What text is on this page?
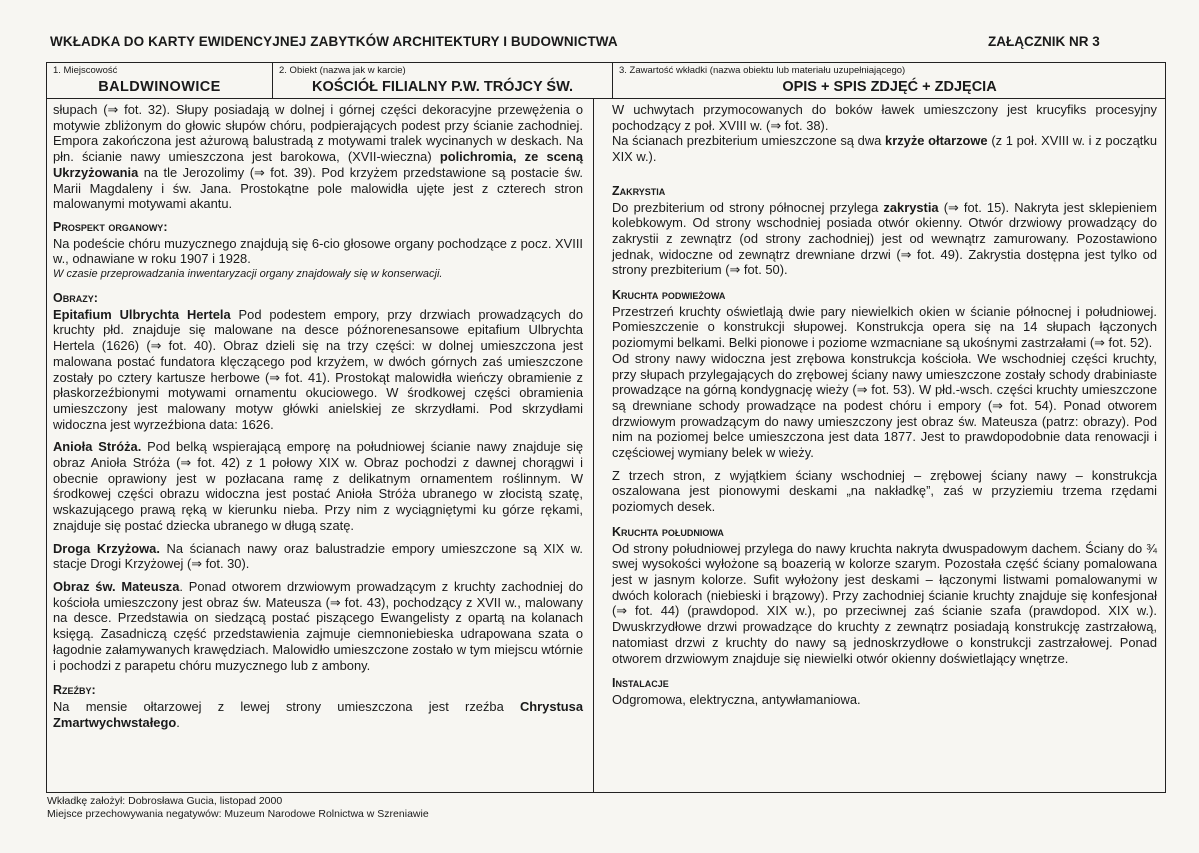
WKŁADKA DO KARTY EWIDENCYJNEJ ZABYTKÓW ARCHITEKTURY I BUDOWNICTWA	ZAŁĄCZNIK NR 3
1. Miejscowość
BALDWINOWICE
2. Obiekt (nazwa jak w karcie)
KOŚCIÓŁ FILIALNY P.W. TRÓJCY ŚW.
3. Zawartość wkładki (nazwa obiektu lub materiału uzupełniającego)
OPIS + SPIS ZDJĘĆ + ZDJĘCIA

słupach (⇒ fot. 32). Słupy posiadają w dolnej i górnej części dekoracyjne przewężenia o motywie zbliżonym do głowic słupów chóru, podpierających podest przy ścianie zachodniej. Empora zakończona jest ażurową balustradą z motywami tralek wycinanych w deskach. Na płn. ścianie nawy umieszczona jest barokowa, (XVII-wieczna) polichromia, ze sceną Ukrzyżowania na tle Jerozolimy (⇒ fot. 39). Pod krzyżem przedstawione są postacie św. Marii Magdaleny i św. Jana. Prostokątne pole malowidła ujęte jest z czterech stron malowanymi motywami akantu.

Prospekt organowy:

Na podeście chóru muzycznego znajdują się 6-cio głosowe organy pochodzące z pocz. XVIII w., odnawiane w roku 1907 i 1928.

W czasie przeprowadzania inwentaryzacji organy znajdowały się w konserwacji.

Obrazy:

Epitafium Ulbrychta Hertela Pod podestem empory, przy drzwiach prowadzących do kruchty płd. znajduje się malowane na desce późnorenesansowe epitafium Ulbrychta Hertela (1626) (⇒ fot. 40). Obraz dzieli się na trzy części: w dolnej umieszczona jest malowana postać fundatora klęczącego pod krzyżem, w dwóch górnych zaś umieszczone zostały po cztery kartusze herbowe (⇒ fot. 41). Prostokąt malowidła wieńczy obramienie z płaskorzeźbionymi motywami ornamentu okuciowego. W środkowej części obramienia umieszczony jest malowany motyw główki anielskiej ze skrzydłami. Pod skrzydłami widoczna jest wyrzeźbiona data: 1626.

Anioła Stróża. Pod belką wspierającą emporę na południowej ścianie nawy znajduje się obraz Anioła Stróża (⇒ fot. 42) z 1 połowy XIX w. Obraz pochodzi z dawnej chorągwi i obecnie oprawiony jest w pozłacana ramę z delikatnym ornamentem roślinnym. W środkowej części obrazu widoczna jest postać Anioła Stróża ubranego w złocistą szatę, wskazującego prawą ręką w kierunku nieba. Przy nim z wyciągniętymi ku górze rękami, znajduje się postać dziecka ubranego w długą szatę.

Droga Krzyżowa. Na ścianach nawy oraz balustradzie empory umieszczone są XIX w. stacje Drogi Krzyżowej (⇒ fot. 30).

Obraz św. Mateusza. Ponad otworem drzwiowym prowadzącym z kruchty zachodniej do kościoła umieszczony jest obraz św. Mateusza (⇒ fot. 43), pochodzący z XVII w., malowany na desce. Przedstawia on siedzącą postać piszącego Ewangelisty z opartą na kolanach księgą. Zasadniczą część przedstawienia zajmuje ciemnoniebieska udrapowana szata o łagodnie załamywanych krawędziach. Malowidło umieszczone zostało w tym miejscu wtórnie i pochodzi z parapetu chóru muzycznego lub z ambony.

Rzeźby:

Na mensie ołtarzowej z lewej strony umieszczona jest rzeźba Chrystusa Zmartwychwstałego.

W uchwytach przymocowanych do boków ławek umieszczony jest krucyfiks procesyjny pochodzący z poł. XVIII w. (⇒ fot. 38).

Na ścianach prezbiterium umieszczone są dwa krzyże ołtarzowe (z 1 poł. XVIII w. i z początku XIX w.).

Zakrystia

Do prezbiterium od strony północnej przylega zakrystia (⇒ fot. 15). Nakryta jest sklepieniem kolebkowym. Od strony wschodniej posiada otwór okienny. Otwór drzwiowy prowadzący do zakrystii z zewnątrz (od strony zachodniej) jest od wewnątrz zamurowany. Pozostawiono jednak, widoczne od zewnątrz drewniane drzwi (⇒ fot. 49). Zakrystia dostępna jest tylko od strony prezbiterium (⇒ fot. 50).

Kruchta podwieżowa

Przestrzeń kruchty oświetlają dwie pary niewielkich okien w ścianie północnej i południowej. Pomieszczenie o konstrukcji słupowej. Konstrukcja opera się na 14 słupach łączonych poziomymi belkami. Belki pionowe i poziome wzmacniane są ukośnymi zastrzałami (⇒ fot. 52).

Od strony nawy widoczna jest zrębowa konstrukcja kościoła. We wschodniej części kruchty, przy słupach przylegających do zrębowej ściany nawy umieszczone zostały schody drabiniaste prowadzące na górną kondygnację wieży (⇒ fot. 53). W płd.-wsch. części kruchty umieszczone są drewniane schody prowadzące na podest chóru i empory (⇒ fot. 54). Ponad otworem drzwiowym prowadzącym do nawy umieszczony jest obraz św. Mateusza (patrz: obrazy). Pod nim na poziomej belce umieszczona jest data 1877. Jest to prawdopodobnie data renowacji i częściowej wymiany belek w wieży.

Z trzech stron, z wyjątkiem ściany wschodniej – zrębowej ściany nawy – konstrukcja oszalowana jest pionowymi deskami „na nakładkę”, zaś w przyziemiu trzema rzędami poziomych desek.

Kruchta południowa

Od strony południowej przylega do nawy kruchta nakryta dwuspadowym dachem. Ściany do ¾ swej wysokości wyłożone są boazerią w kolorze szarym. Pozostała część ściany pomalowana jest w jasnym kolorze. Sufit wyłożony jest deskami – łączonymi listwami pomalowanymi w dwóch kolorach (niebieski i brązowy). Przy zachodniej ścianie kruchty znajduje się konfesjonał (⇒ fot. 44) (prawdopod. XIX w.), po przeciwnej zaś ścianie szafa (prawdopod. XIX w.). Dwuskrzydłowe drzwi prowadzące do kruchty z zewnątrz posiadają konstrukcję zastrzałową, natomiast drzwi z kruchty do nawy są jednoskrzydłowe o konstrukcji zastrzałowej. Ponad otworem drzwiowym znajduje się niewielki otwór okienny doświetlający wnętrze.

Instalacje

Odgromowa, elektryczna, antywłamaniowa.

Wkładkę założył: Dobrosława Gucia, listopad 2000
Miejsce przechowywania negatywów: Muzeum Narodowe Rolnictwa w Szreniawie
